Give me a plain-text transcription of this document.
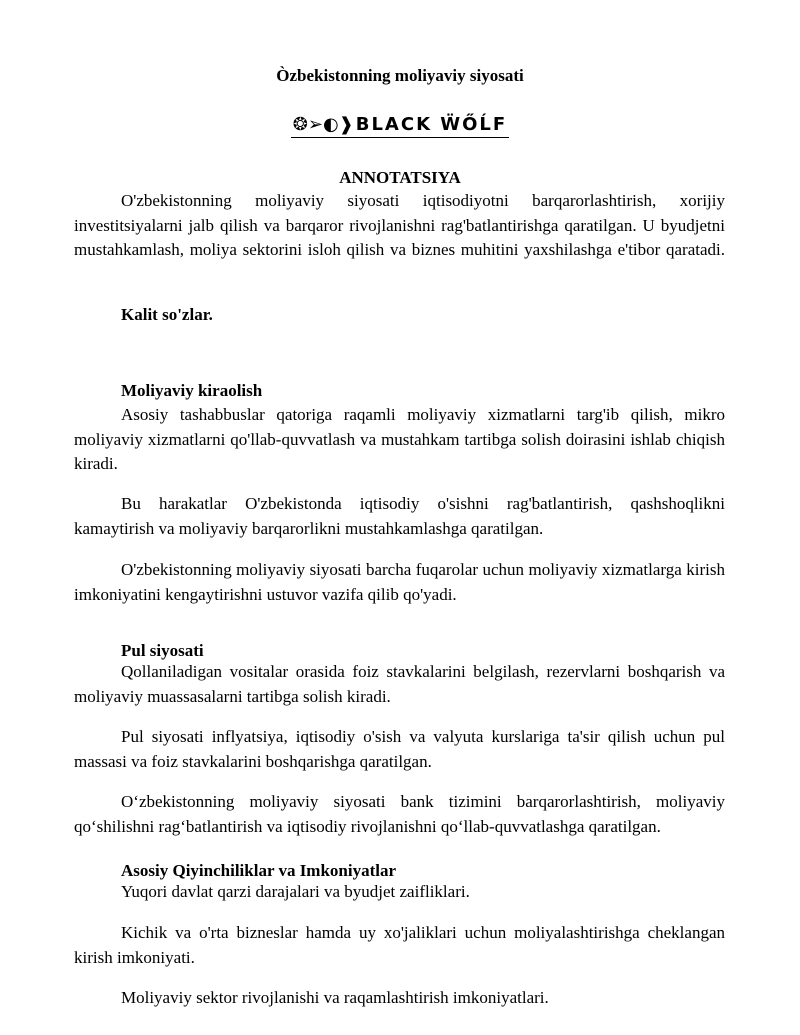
Òzbekistonning moliyaviy siyosati
❂➢◐❱ BLACK ẄŐĹF
ANNOTATSIYA

O'zbekistonning moliyaviy siyosati iqtisodiyotni barqarorlashtirish, xorijiy investitsiyalarni jalb qilish va barqaror rivojlanishni rag'batlantirishga qaratilgan. U byudjetni mustahkamlash, moliya sektorini isloh qilish va biznes muhitini yaxshilashga e'tibor qaratadi.

Kalit so'zlar.

Moliyaviy kiraolish

Asosiy tashabbuslar qatoriga raqamli moliyaviy xizmatlarni targ'ib qilish, mikro moliyaviy xizmatlarni qo'llab-quvvatlash va mustahkam tartibga solish doirasini ishlab chiqish kiradi.

Bu harakatlar O'zbekistonda iqtisodiy o'sishni rag'batlantirish, qashshoqlikni kamaytirish va moliyaviy barqarorlikni mustahkamlashga qaratilgan.

O'zbekistonning moliyaviy siyosati barcha fuqarolar uchun moliyaviy xizmatlarga kirish imkoniyatini kengaytirishni ustuvor vazifa qilib qo'yadi.

Pul siyosati

Qollaniladigan vositalar orasida foiz stavkalarini belgilash, rezervlarni boshqarish va moliyaviy muassasalarni tartibga solish kiradi.

Pul siyosati inflyatsiya, iqtisodiy o'sish va valyuta kurslariga ta'sir qilish uchun pul massasi va foiz stavkalarini boshqarishga qaratilgan.

O‘zbekistonning moliyaviy siyosati bank tizimini barqarorlashtirish, moliyaviy qo‘shilishni rag‘batlantirish va iqtisodiy rivojlanishni qo‘llab-quvvatlashga qaratilgan.

Asosiy Qiyinchiliklar va Imkoniyatlar

Yuqori davlat qarzi darajalari va byudjet zaifliklari.

Kichik va o'rta bizneslar hamda uy xo'jaliklari uchun moliyalashtirishga cheklangan kirish imkoniyati.

Moliyaviy sektor rivojlanishi va raqamlashtirish imkoniyatlari.
